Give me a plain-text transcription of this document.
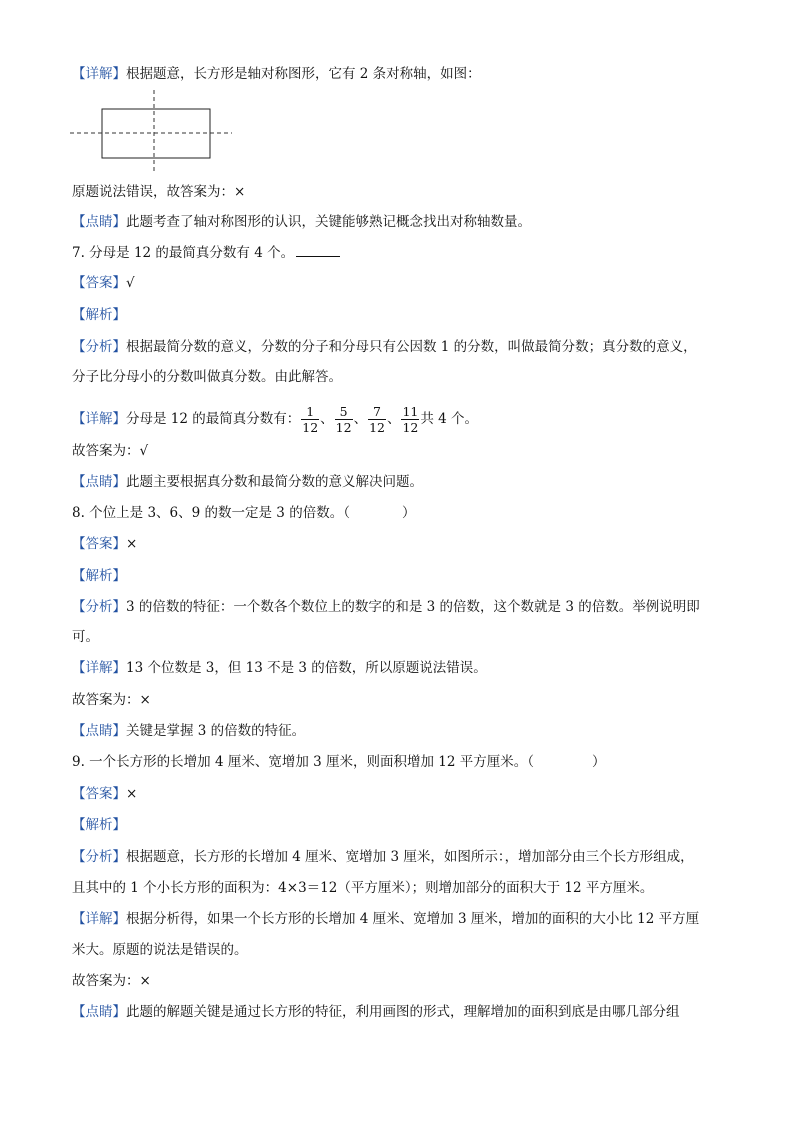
【详解】根据题意，长方形是轴对称图形，它有 2 条对称轴，如图：
原题说法错误，故答案为：×
【点睛】此题考查了轴对称图形的认识，关键能够熟记概念找出对称轴数量。
7. 分母是 12 的最简真分数有 4 个。
【答案】√
【解析】
【分析】根据最简分数的意义，分数的分子和分母只有公因数 1 的分数，叫做最简分数；真分数的意义，
分子比分母小的分数叫做真分数。由此解答。
【详解】分母是 12 的最简真分数有： $\frac{1}{12}$ 、 $\frac{5}{12}$ 、 $\frac{7}{12}$ 、 $\frac{11}{12}$ 共 4 个。
故答案为：√
【点睛】此题主要根据真分数和最简分数的意义解决问题。
8. 个位上是 3、6、9 的数一定是 3 的倍数。（	）
【答案】×
【解析】
【分析】3 的倍数的特征：一个数各个数位上的数字的和是 3 的倍数，这个数就是 3 的倍数。举例说明即
可。
【详解】13 个位数是 3，但 13 不是 3 的倍数，所以原题说法错误。
故答案为：×
【点睛】关键是掌握 3 的倍数的特征。
9. 一个长方形的长增加 4 厘米、宽增加 3 厘米，则面积增加 12 平方厘米。（	）
【答案】×
【解析】
【分析】根据题意，长方形的长增加 4 厘米、宽增加 3 厘米，如图所示：，增加部分由三个长方形组成，
且其中的 1 个小长方形的面积为：4×3＝12（平方厘米）；则增加部分的面积大于 12 平方厘米。
【详解】根据分析得，如果一个长方形的长增加 4 厘米、宽增加 3 厘米，增加的面积的大小比 12 平方厘
米大。原题的说法是错误的。
故答案为：×
【点睛】此题的解题关键是通过长方形的特征，利用画图的形式，理解增加的面积到底是由哪几部分组
